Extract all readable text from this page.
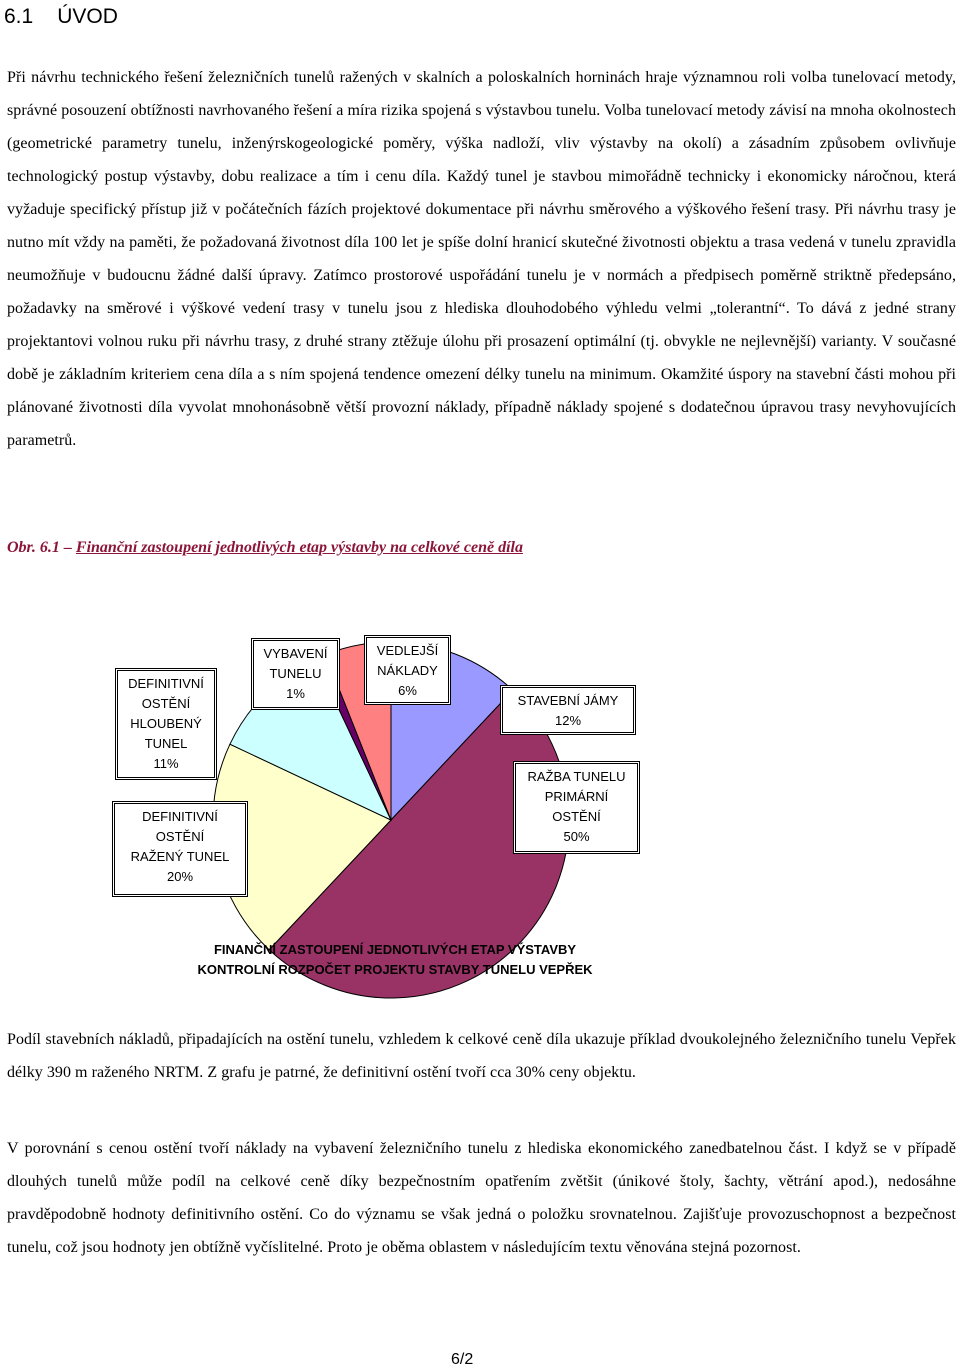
6.1 ÚVOD

Při návrhu technického řešení železničních tunelů ražených v skalních a poloskalních horninách hraje významnou roli volba tunelovací metody, správné posouzení obtížnosti navrhovaného řešení a míra rizika spojená s výstavbou tunelu. Volba tunelovací metody závisí na mnoha okolnostech (geometrické parametry tunelu, inženýrskogeologické poměry, výška nadloží, vliv výstavby na okolí) a zásadním způsobem ovlivňuje technologický postup výstavby, dobu realizace a tím i cenu díla. Každý tunel je stavbou mimořádně technicky i ekonomicky náročnou, která vyžaduje specifický přístup již v počátečních fázích projektové dokumentace při návrhu směrového a výškového řešení trasy. Při návrhu trasy je nutno mít vždy na paměti, že požadovaná životnost díla 100 let je spíše dolní hranicí skutečné životnosti objektu a trasa vedená v tunelu zpravidla neumožňuje v budoucnu žádné další úpravy. Zatímco prostorové uspořádání tunelu je v normách a předpisech poměrně striktně předepsáno, požadavky na směrové i výškové vedení trasy v tunelu jsou z hlediska dlouhodobého výhledu velmi „tolerantní“. To dává z jedné strany projektantovi volnou ruku při návrhu trasy, z druhé strany ztěžuje úlohu při prosazení optimální (tj. obvykle ne nejlevnější) varianty. V současné době je základním kriteriem cena díla a s ním spojená tendence omezení délky tunelu na minimum. Okamžité úspory na stavební části mohou při plánované životnosti díla vyvolat mnohonásobně větší provozní náklady, případně náklady spojené s dodatečnou úpravou trasy nevyhovujících parametrů.

Obr. 6.1 – Finanční zastoupení jednotlivých etap výstavby na celkové ceně díla

DEFINITIVNÍ
OSTĚNÍ
HLOUBENÝ
TUNEL
11%
DEFINITIVNÍ
OSTĚNÍ
RAŽENÝ TUNEL
20%
VYBAVENÍ
TUNELU
1%
VEDLEJŠÍ
NÁKLADY
6%
STAVEBNÍ JÁMY
12%
RAŽBA TUNELU
PRIMÁRNÍ
OSTĚNÍ
50%

FINANČNÍ ZASTOUPENÍ JEDNOTLIVÝCH ETAP VÝSTAVBY
KONTROLNÍ ROZPOČET PROJEKTU STAVBY TUNELU VEPŘEK

Podíl stavebních nákladů, připadajících na ostění tunelu, vzhledem k celkové ceně díla ukazuje příklad dvoukolejného železničního tunelu Vepřek délky 390 m raženého NRTM. Z grafu je patrné, že definitivní ostění tvoří cca 30% ceny objektu.

V porovnání s cenou ostění tvoří náklady na vybavení železničního tunelu z hlediska ekonomického zanedbatelnou část. I když se v případě dlouhých tunelů může podíl na celkové ceně díky bezpečnostním opatřením zvětšit (únikové štoly, šachty, větrání apod.), nedosáhne pravděpodobně hodnoty definitivního ostění. Co do významu se však jedná o položku srovnatelnou. Zajišťuje provozuschopnost a bezpečnost tunelu, což jsou hodnoty jen obtížně vyčíslitelné. Proto je oběma oblastem v následujícím textu věnována stejná pozornost.

6/2
